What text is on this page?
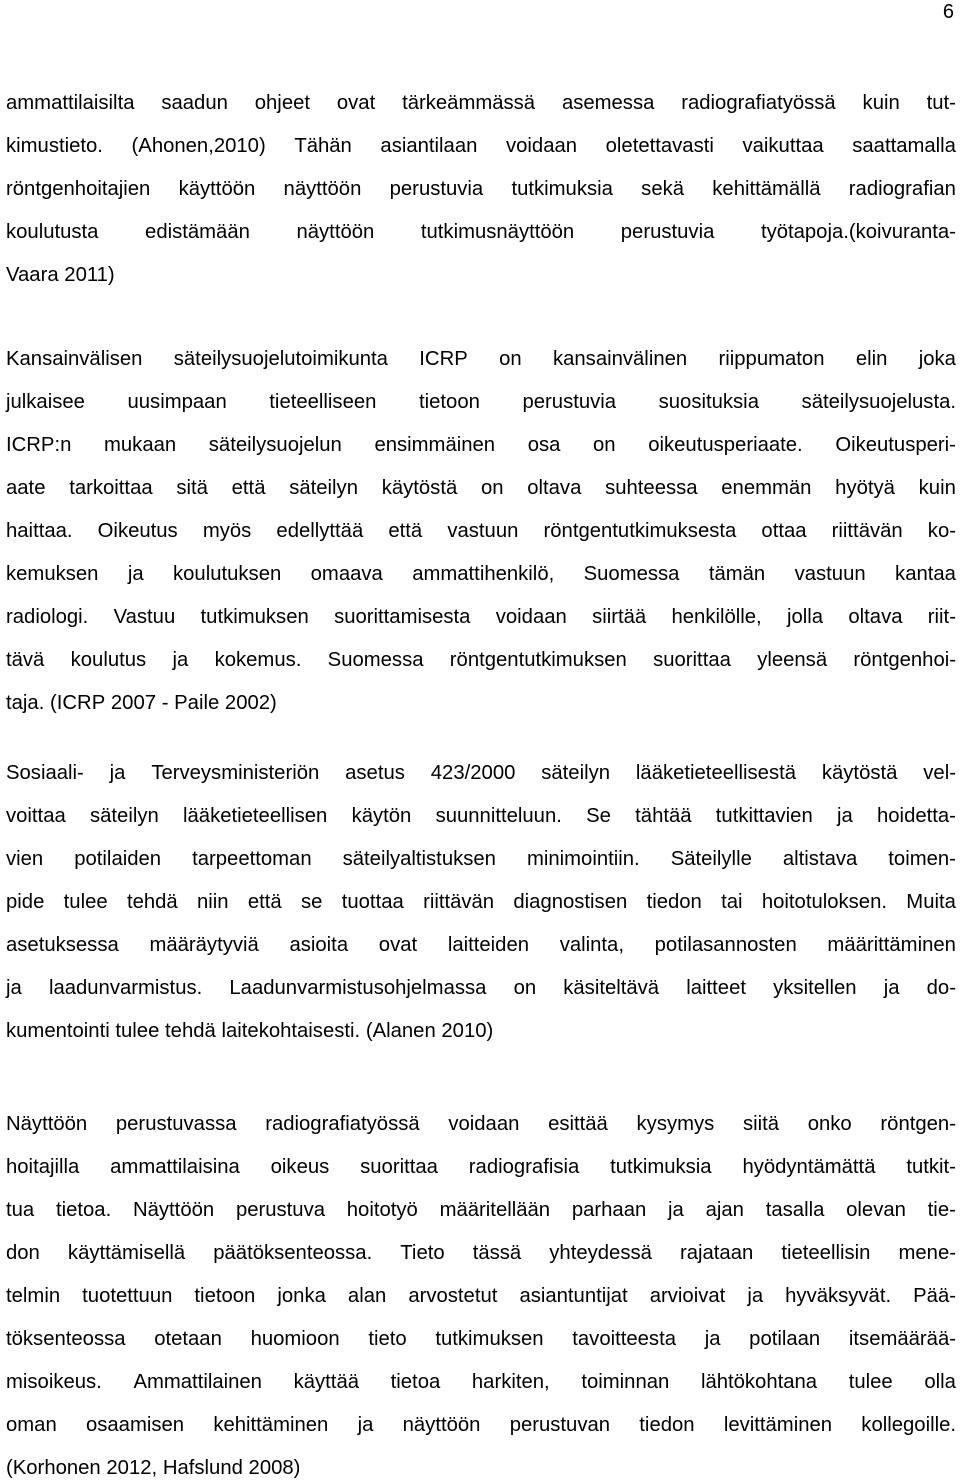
6
ammattilaisilta saadun ohjeet ovat tärkeämmässä asemessa radiografiatyössä kuin tut-
kimustieto. (Ahonen,2010) Tähän asiantilaan voidaan oletettavasti vaikuttaa saattamalla
röntgenhoitajien käyttöön näyttöön perustuvia tutkimuksia sekä kehittämällä radiografian
koulutusta edistämään näyttöön tutkimusnäyttöön perustuvia työtapoja.(koivuranta-
Vaara 2011)
Kansainvälisen säteilysuojelutoimikunta ICRP on kansainvälinen riippumaton elin joka
julkaisee uusimpaan tieteelliseen tietoon perustuvia suosituksia säteilysuojelusta.
ICRP:n mukaan säteilysuojelun ensimmäinen osa on oikeutusperiaate. Oikeutusperi-
aate tarkoittaa sitä että säteilyn käytöstä on oltava suhteessa enemmän hyötyä kuin
haittaa. Oikeutus myös edellyttää että vastuun röntgentutkimuksesta ottaa riittävän ko-
kemuksen ja koulutuksen omaava ammattihenkilö, Suomessa tämän vastuun kantaa
radiologi. Vastuu tutkimuksen suorittamisesta voidaan siirtää henkilölle, jolla oltava riit-
tävä koulutus ja kokemus. Suomessa röntgentutkimuksen suorittaa yleensä röntgenhoi-
taja. (ICRP 2007 - Paile 2002)
Sosiaali- ja Terveysministeriön asetus 423/2000 säteilyn lääketieteellisestä käytöstä vel-
voittaa säteilyn lääketieteellisen käytön suunnitteluun. Se tähtää tutkittavien ja hoidetta-
vien potilaiden tarpeettoman säteilyaltistuksen minimointiin. Säteilylle altistava toimen-
pide tulee tehdä niin että se tuottaa riittävän diagnostisen tiedon tai hoitotuloksen. Muita
asetuksessa määräytyviä asioita ovat laitteiden valinta, potilasannosten määrittäminen
ja laadunvarmistus. Laadunvarmistusohjelmassa on käsiteltävä laitteet yksitellen ja do-
kumentointi tulee tehdä laitekohtaisesti. (Alanen 2010)
Näyttöön perustuvassa radiografiatyössä voidaan esittää kysymys siitä onko röntgen-
hoitajilla ammattilaisina oikeus suorittaa radiografisia tutkimuksia hyödyntämättä tutkit-
tua tietoa. Näyttöön perustuva hoitotyö määritellään parhaan ja ajan tasalla olevan tie-
don käyttämisellä päätöksenteossa. Tieto tässä yhteydessä rajataan tieteellisin mene-
telmin tuotettuun tietoon jonka alan arvostetut asiantuntijat arvioivat ja hyväksyvät. Pää-
töksenteossa otetaan huomioon tieto tutkimuksen tavoitteesta ja potilaan itsemäärää-
misoikeus. Ammattilainen käyttää tietoa harkiten, toiminnan lähtökohtana tulee olla
oman osaamisen kehittäminen ja näyttöön perustuvan tiedon levittäminen kollegoille.
(Korhonen 2012, Hafslund 2008)
